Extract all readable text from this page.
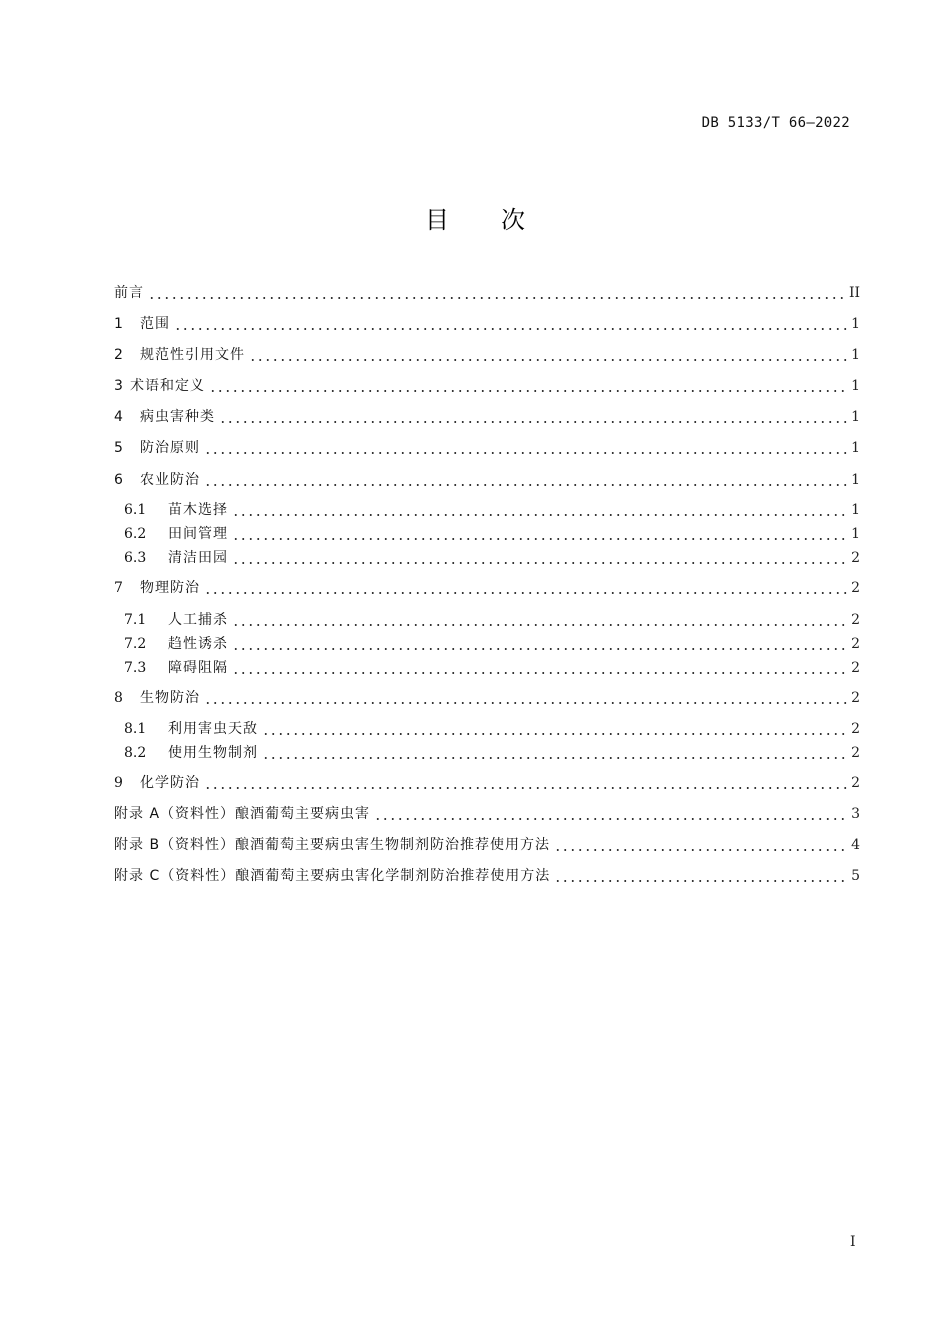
DB 5133/T 66—2022
目 次
前言	II
1	范围	1
2	规范性引用文件	1
3 术语和定义	1
4	病虫害种类	1
5	防治原则	1
6	农业防治	1
6.1	苗木选择	1
6.2	田间管理	1
6.3	清洁田园	2
7	物理防治	2
7.1	人工捕杀	2
7.2	趋性诱杀	2
7.3	障碍阻隔	2
8	生物防治	2
8.1	利用害虫天敌	2
8.2	使用生物制剂	2
9	化学防治	2
附录 A（资料性）酿酒葡萄主要病虫害	3
附录 B（资料性）酿酒葡萄主要病虫害生物制剂防治推荐使用方法	4
附录 C（资料性）酿酒葡萄主要病虫害化学制剂防治推荐使用方法	5
I
